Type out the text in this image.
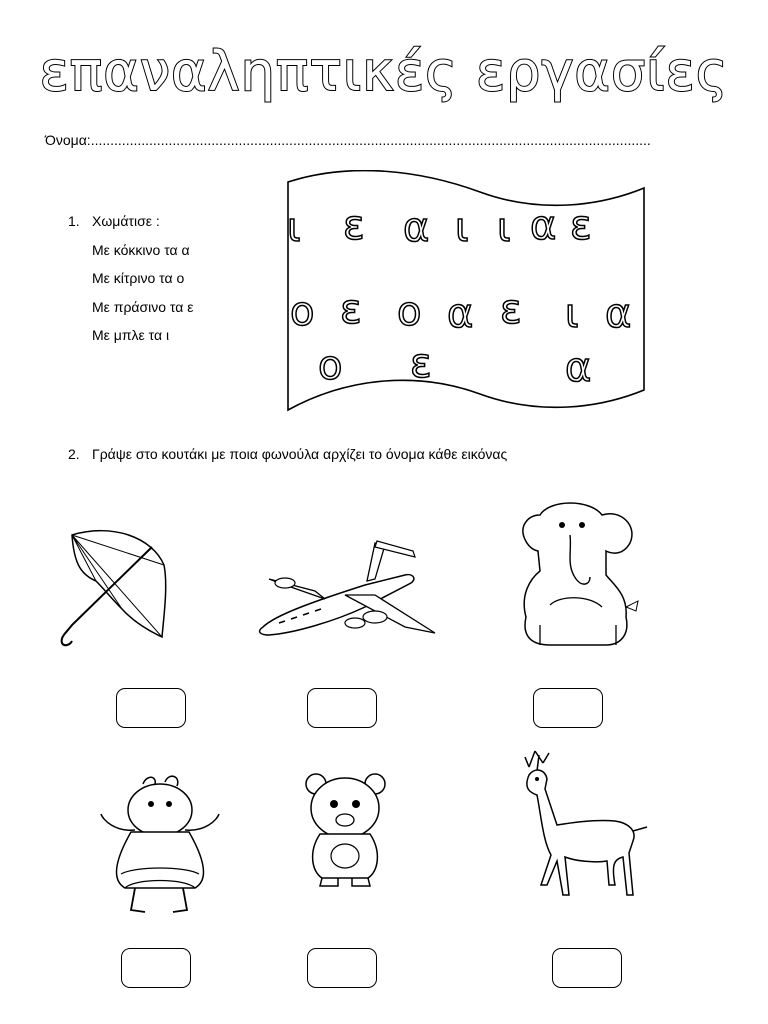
επαναληπτικές εργασίες
Όνομα:................................................................................................................................................
1. Χωμάτισε :
Με κόκκινο τα α
Με κίτρινο τα ο
Με πράσινο τα ε
Με μπλε τα ι
ι ε α ι ι α ε
ο ε ο α ε ι α
ο ε	α
2. Γράψε στο κουτάκι με ποια φωνούλα αρχίζει το όνομα κάθε εικόνας
